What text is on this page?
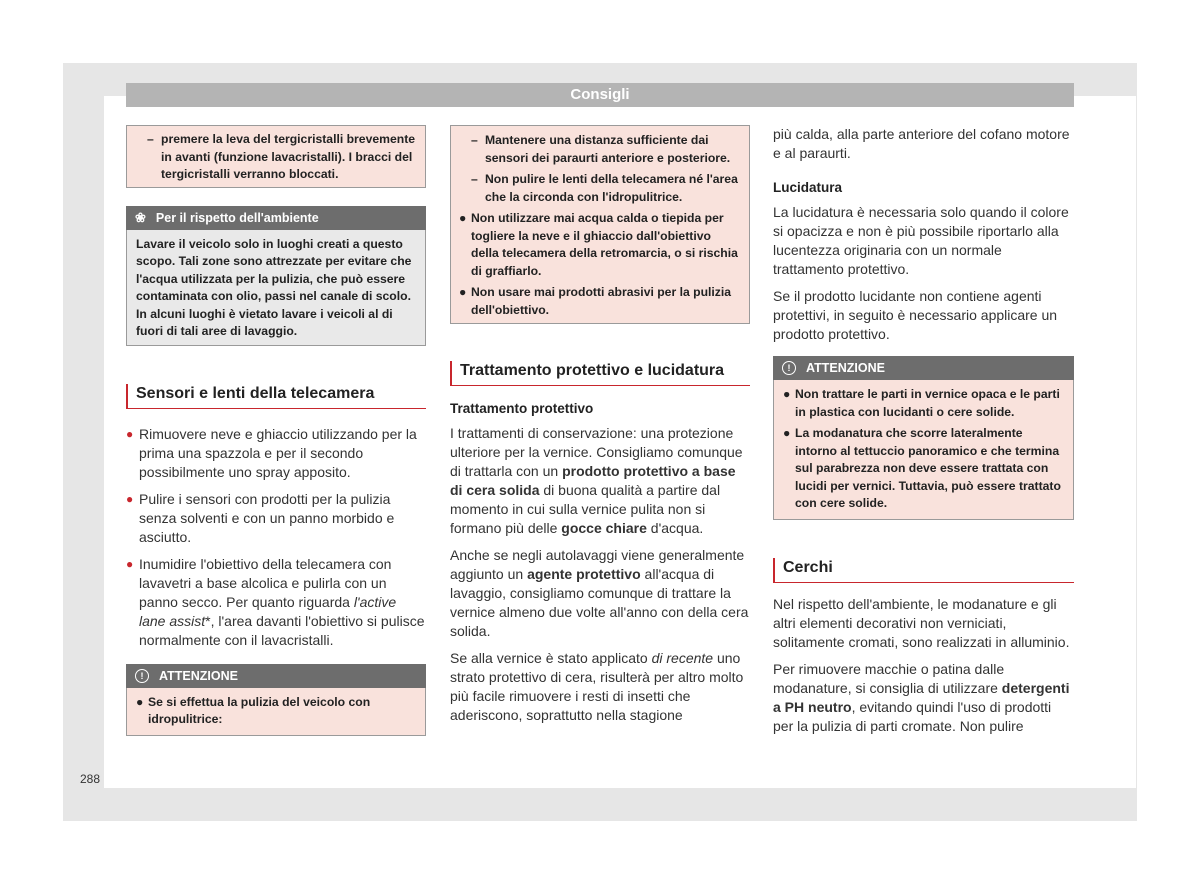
Consigli
– premere la leva del tergicristalli brevemente in avanti (funzione lavacristalli). I bracci del tergicristalli verranno bloccati.
❀ Per il rispetto dell'ambiente
Lavare il veicolo solo in luoghi creati a questo scopo. Tali zone sono attrezzate per evitare che l'acqua utilizzata per la pulizia, che può essere contaminata con olio, passi nel canale di scolo. In alcuni luoghi è vietato lavare i veicoli al di fuori di tali aree di lavaggio.
Sensori e lenti della telecamera
● Rimuovere neve e ghiaccio utilizzando per la prima una spazzola e per il secondo possibilmente uno spray apposito.
● Pulire i sensori con prodotti per la pulizia senza solventi e con un panno morbido e asciutto.
● Inumidire l'obiettivo della telecamera con lavavetri a base alcolica e pulirla con un panno secco. Per quanto riguarda l'active lane assist*, l'area davanti l'obiettivo si pulisce normalmente con il lavacristalli.
!	ATTENZIONE
● Se si effettua la pulizia del veicolo con idropulitrice:
– Mantenere una distanza sufficiente dai sensori dei paraurti anteriore e posteriore.
– Non pulire le lenti della telecamera né l'area che la circonda con l'idropulitrice.
● Non utilizzare mai acqua calda o tiepida per togliere la neve e il ghiaccio dall'obiettivo della telecamera della retromarcia, o si rischia di graffiarlo.
● Non usare mai prodotti abrasivi per la pulizia dell'obiettivo.
Trattamento protettivo e lucidatura
Trattamento protettivo

I trattamenti di conservazione: una protezione ulteriore per la vernice. Consigliamo comunque di trattarla con un prodotto protettivo a base di cera solida di buona qualità a partire dal momento in cui sulla vernice pulita non si formano più delle gocce chiare d'acqua.

Anche se negli autolavaggi viene generalmente aggiunto un agente protettivo all'acqua di lavaggio, consigliamo comunque di trattare la vernice almeno due volte all'anno con della cera solida.

Se alla vernice è stato applicato di recente uno strato protettivo di cera, risulterà per altro molto più facile rimuovere i resti di insetti che aderiscono, soprattutto nella stagione

più calda, alla parte anteriore del cofano motore e al paraurti.

Lucidatura

La lucidatura è necessaria solo quando il colore si opacizza e non è più possibile riportarlo alla lucentezza originaria con un normale trattamento protettivo.

Se il prodotto lucidante non contiene agenti protettivi, in seguito è necessario applicare un prodotto protettivo.

!	ATTENZIONE
● Non trattare le parti in vernice opaca e le parti in plastica con lucidanti o cere solide.
● La modanatura che scorre lateralmente intorno al tettuccio panoramico e che termina sul parabrezza non deve essere trattata con lucidi per vernici. Tuttavia, può essere trattato con cere solide.
Cerchi

Nel rispetto dell'ambiente, le modanature e gli altri elementi decorativi non verniciati, solitamente cromati, sono realizzati in alluminio.

Per rimuovere macchie o patina dalle modanature, si consiglia di utilizzare detergenti a PH neutro, evitando quindi l'uso di prodotti per la pulizia di parti cromate. Non pulire

288
